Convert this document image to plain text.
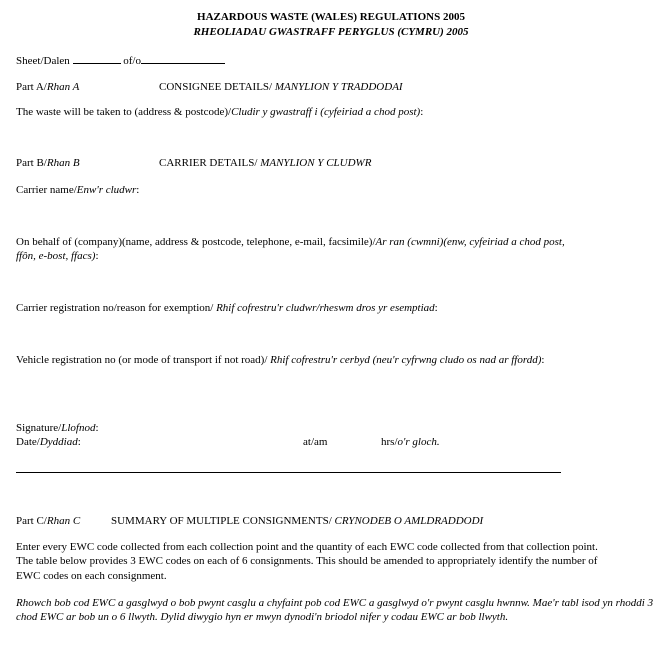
HAZARDOUS WASTE (WALES) REGULATIONS 2005
RHEOLIADAU GWASTRAFF PERYGLUS (CYMRU) 2005
Sheet/Dalen	of/o
Part A/Rhan A	CONSIGNEE DETAILS/ MANYLION Y TRADDODAI
The waste will be taken to (address & postcode)/Cludir y gwastraff i (cyfeiriad a chod post):
Part B/Rhan B	CARRIER DETAILS/ MANYLION Y CLUDWR
Carrier name/Enw'r cludwr:
On behalf of (company)(name, address & postcode, telephone, e-mail, facsimile)/Ar ran (cwmni)(enw, cyfeiriad a chod post,
ffôn, e-bost, ffacs):
Carrier registration no/reason for exemption/ Rhif cofrestru'r cludwr/rheswm dros yr esemptiad:
Vehicle registration no (or mode of transport if not road)/ Rhif cofrestru'r cerbyd (neu'r cyfrwng cludo os nad ar ffordd):
Signature/Llofnod:
Date/Dyddiad:	at/am	hrs/o'r gloch.
Part C/Rhan C	SUMMARY OF MULTIPLE CONSIGNMENTS/ CRYNODEB O AMLDRADDODI
Enter every EWC code collected from each collection point and the quantity of each EWC code collected from that collection point. The table below provides 3 EWC codes on each of 6 consignments. This should be amended to appropriately identify the number of EWC codes on each consignment.
Rhowch bob cod EWC a gasglwyd o bob pwynt casglu a chyfaint pob cod EWC a gasglwyd o'r pwynt casglu hwnnw. Mae'r tabl isod yn rhoddi 3 chod EWC ar bob un o 6 llwyth. Dylid diwygio hyn er mwyn dynodi'n briodol nifer y codau EWC ar bob llwyth.
